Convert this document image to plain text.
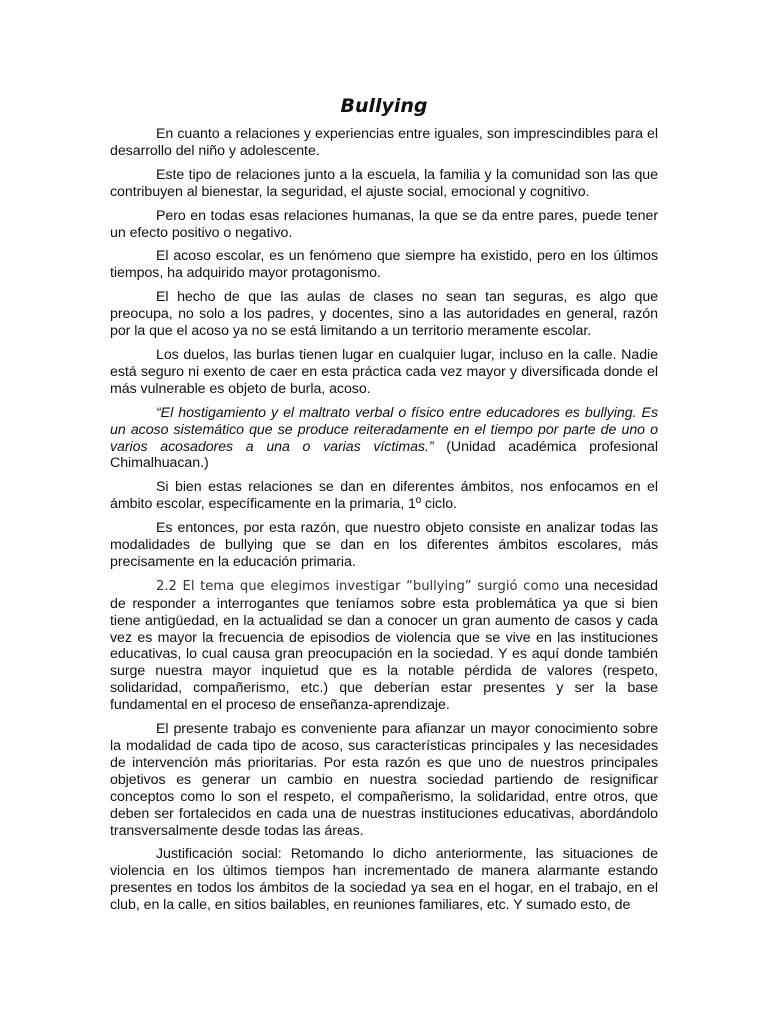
Bullying

En cuanto a relaciones y experiencias entre iguales, son imprescindibles para el desarrollo del niño y adolescente.

Este tipo de relaciones junto a la escuela, la familia y la comunidad son las que contribuyen al bienestar, la seguridad, el ajuste social, emocional y cognitivo.

Pero en todas esas relaciones humanas, la que se da entre pares, puede tener un efecto positivo o negativo.

El acoso escolar, es un fenómeno que siempre ha existido, pero en los últimos tiempos, ha adquirido mayor protagonismo.

El hecho de que las aulas de clases no sean tan seguras, es algo que preocupa, no solo a los padres, y docentes, sino a las autoridades en general, razón por la que el acoso ya no se está limitando a un territorio meramente escolar.

Los duelos, las burlas tienen lugar en cualquier lugar, incluso en la calle. Nadie está seguro ni exento de caer en esta práctica cada vez mayor y diversificada donde el más vulnerable es objeto de burla, acoso.

“El hostigamiento y el maltrato verbal o físico entre educadores es bullying. Es un acoso sistemático que se produce reiteradamente en el tiempo por parte de uno o varios acosadores a una o varias víctimas.” (Unidad académica profesional Chimalhuacan.)

Si bien estas relaciones se dan en diferentes ámbitos, nos enfocamos en el ámbito escolar, específicamente en la primaria, 1º ciclo.

Es entonces, por esta razón, que nuestro objeto consiste en analizar todas las modalidades de bullying que se dan en los diferentes ámbitos escolares, más precisamente en la educación primaria.

2.2 El tema que elegimos investigar “bullying” surgió como una necesidad de responder a interrogantes que teníamos sobre esta problemática ya que si bien tiene antigüedad, en la actualidad se dan a conocer un gran aumento de casos y cada vez es mayor la frecuencia de episodios de violencia que se vive en las instituciones educativas, lo cual causa gran preocupación en la sociedad. Y es aquí donde también surge nuestra mayor inquietud que es la notable pérdida de valores (respeto, solidaridad, compañerismo, etc.) que deberían estar presentes y ser la base fundamental en el proceso de enseñanza-aprendizaje.

El presente trabajo es conveniente para afianzar un mayor conocimiento sobre la modalidad de cada tipo de acoso, sus características principales y las necesidades de intervención más prioritarias. Por esta razón es que uno de nuestros principales objetivos es generar un cambio en nuestra sociedad partiendo de resignificar conceptos como lo son el respeto, el compañerismo, la solidaridad, entre otros, que deben ser fortalecidos en cada una de nuestras instituciones educativas, abordándolo transversalmente desde todas las áreas.

Justificación social: Retomando lo dicho anteriormente, las situaciones de violencia en los últimos tiempos han incrementado de manera alarmante estando presentes en todos los ámbitos de la sociedad ya sea en el hogar, en el trabajo, en el club, en la calle, en sitios bailables, en reuniones familiares, etc. Y sumado esto, de
